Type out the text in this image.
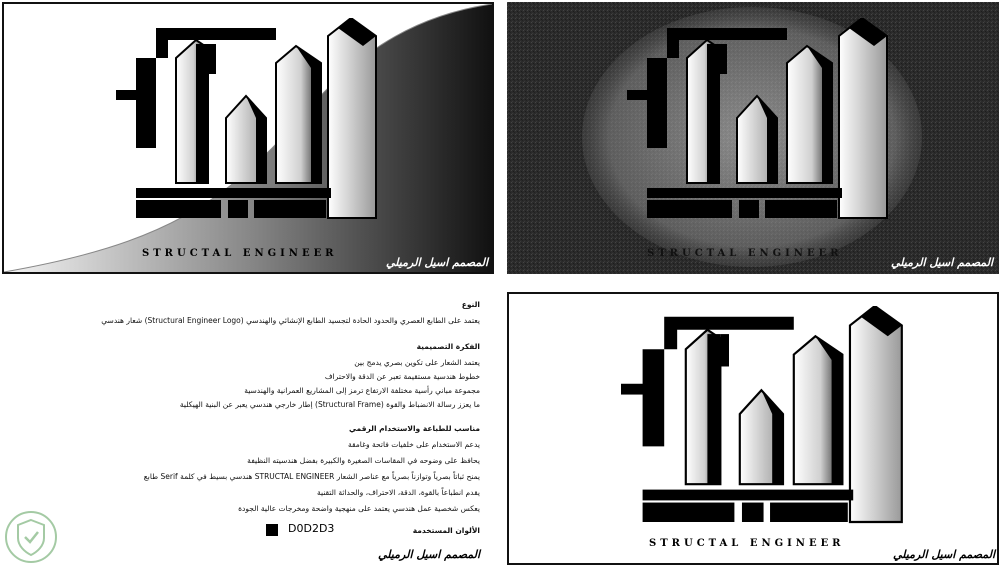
STRUCTAL ENGINEER
المصمم اسيل الرميلي
STRUCTAL ENGINEER
المصمم اسيل الرميلي
النوع
يعتمد على الطابع العصري والحدود الحادة لتجسيد الطابع الإنشائي والهندسي (Structural Engineer Logo) شعار هندسي
الفكرة التصميمية
يعتمد الشعار على تكوين بصري يدمج بين
خطوط هندسية مستقيمة تعبر عن الدقة والاحتراف
مجموعة مباني رأسية مختلفة الارتفاع ترمز إلى المشاريع العمرانية والهندسية
ما يعزز رسالة الانضباط والقوة (Structural Frame) إطار خارجي هندسي يعبر عن البنية الهيكلية
مناسب للطباعة والاستخدام الرقمي
يدعم الاستخدام على خلفيات فاتحة وغامقة
يحافظ على وضوحه في المقاسات الصغيرة والكبيرة بفضل هندسيته النظيفة
يمنح ثباتاً بصرياً وتوازناً بصرياً مع عناصر الشعار STRUCTAL ENGINEER هندسي بسيط في كلمة Serif طابع
يقدم انطباعاً بالقوة، الدقة، الاحتراف، والحداثة التقنية
يعكس شخصية عمل هندسي يعتمد على منهجية واضحة ومخرجات عالية الجودة
الألوان المستخدمة
D0D2D3
المصمم اسيل الرميلي
STRUCTAL ENGINEER
المصمم اسيل الرميلي
